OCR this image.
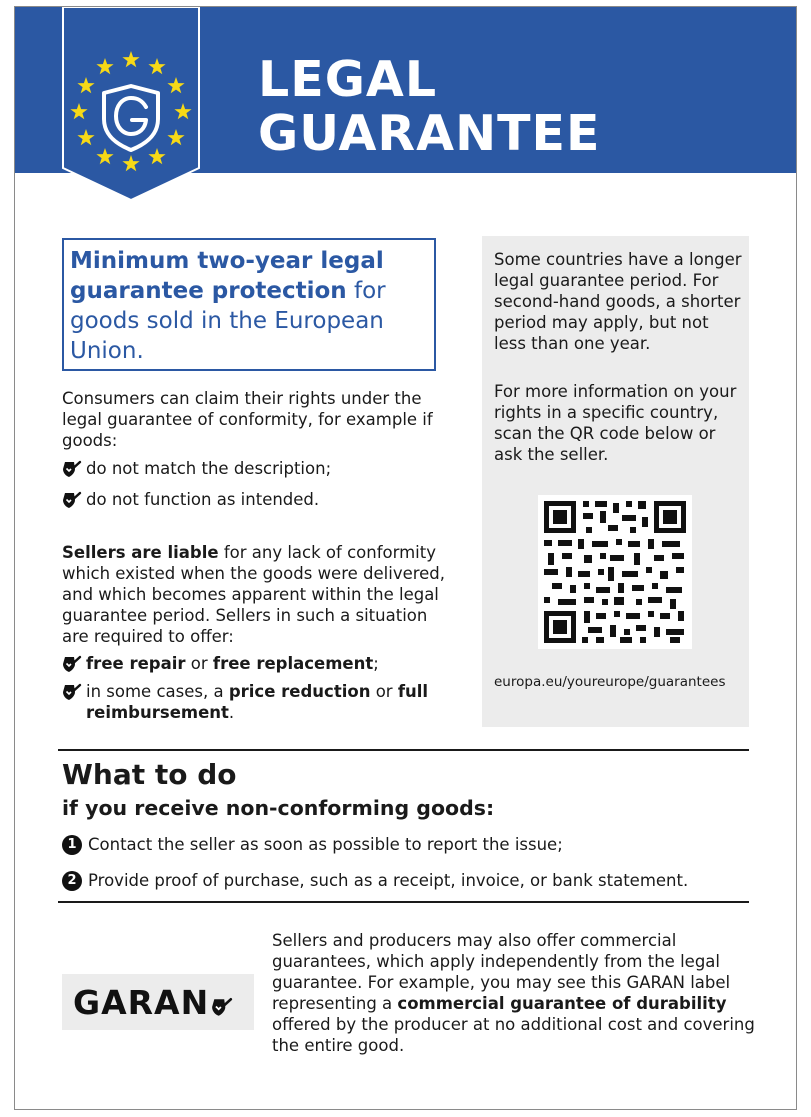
LEGAL
GUARANTEE

Minimum two-year legal guarantee protection for goods sold in the European Union.

Consumers can claim their rights under the legal guarantee of conformity, for example if goods:
do not match the description;
do not function as intended.
Sellers are liable for any lack of conformity which existed when the goods were delivered, and which becomes apparent within the legal guarantee period. Sellers in such a situation are required to offer:
free repair or free replacement;
in some cases, a price reduction or full reimbursement.

Some countries have a longer legal guarantee period. For second-hand goods, a shorter period may apply, but not less than one year.

For more information on your rights in a specific country, scan the QR code below or ask the seller.

europa.eu/youreurope/guarantees
What to do
if you receive non-conforming goods:
1 Contact the seller as soon as possible to report the issue;
2 Provide proof of purchase, such as a receipt, invoice, or bank statement.
GARAN
Sellers and producers may also offer commercial guarantees, which apply independently from the legal guarantee. For example, you may see this GARAN label representing a commercial guarantee of durability offered by the producer at no additional cost and covering the entire good.
